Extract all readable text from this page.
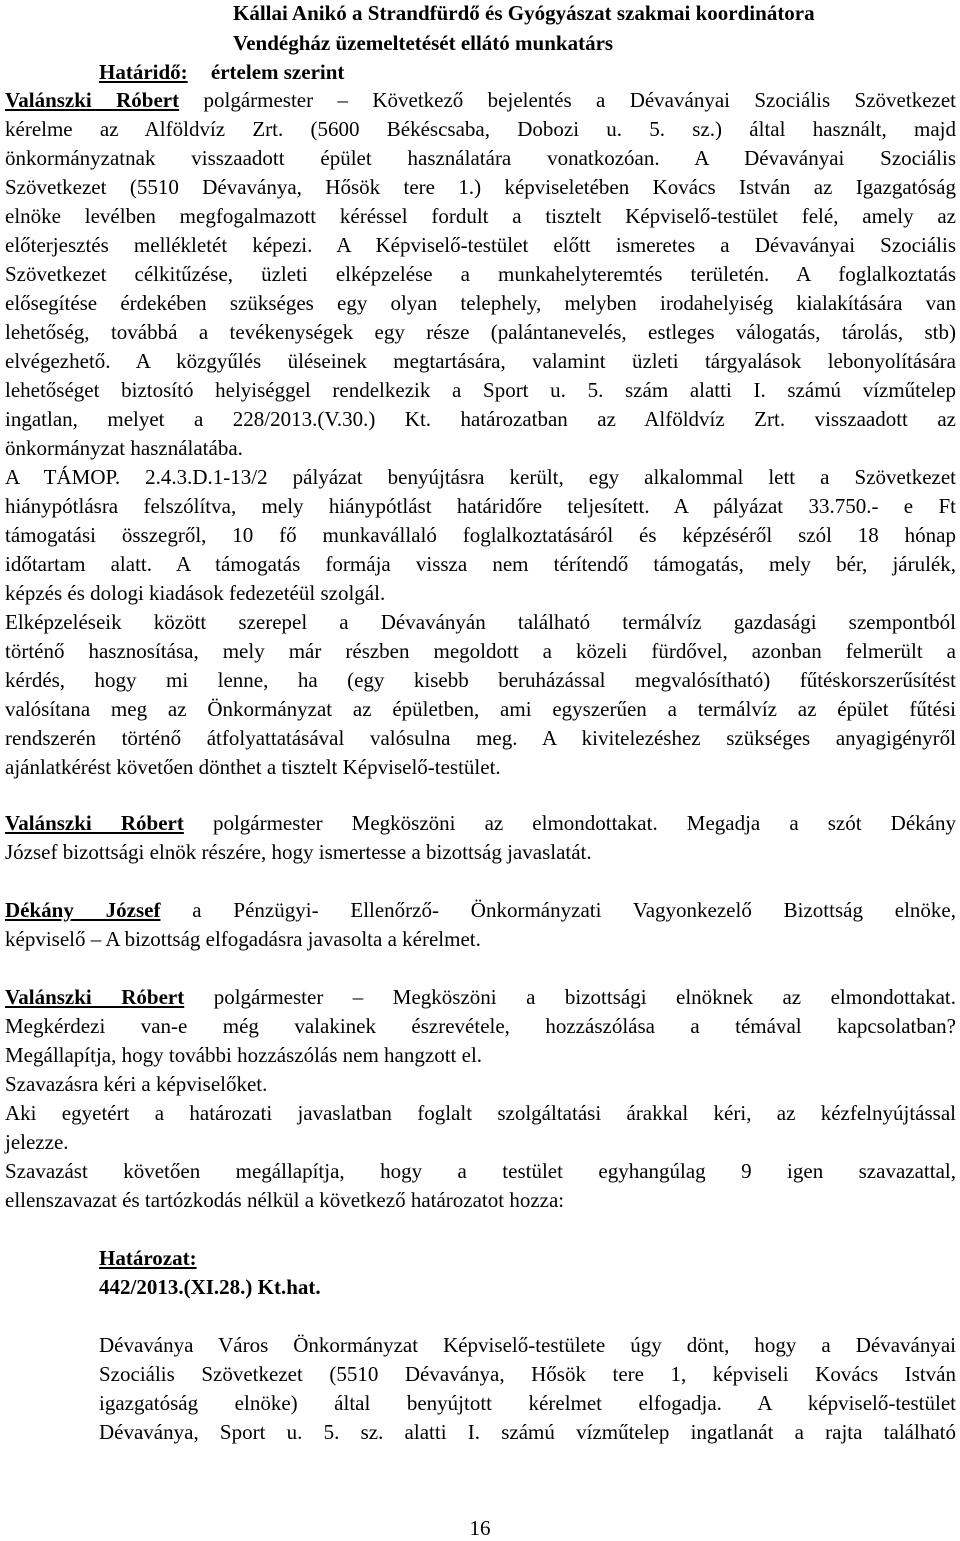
Kállai Anikó a Strandfürdő és Gyógyászat szakmai koordinátora
Vendégház üzemeltetését ellátó munkatárs
Határidő: értelem szerint
Valánszki Róbert polgármester – Következő bejelentés a Dévaványai Szociális Szövetkezet
kérelme az Alföldvíz Zrt. (5600 Békéscsaba, Dobozi u. 5. sz.) által használt, majd
önkormányzatnak visszaadott épület használatára vonatkozóan. A Dévaványai Szociális
Szövetkezet (5510 Dévaványa, Hősök tere 1.) képviseletében Kovács István az Igazgatóság
elnöke levélben megfogalmazott kéréssel fordult a tisztelt Képviselő-testület felé, amely az
előterjesztés mellékletét képezi. A Képviselő-testület előtt ismeretes a Dévaványai Szociális
Szövetkezet célkitűzése, üzleti elképzelése a munkahelyteremtés területén. A foglalkoztatás
elősegítése érdekében szükséges egy olyan telephely, melyben irodahelyiség kialakítására van
lehetőség, továbbá a tevékenységek egy része (palántanevelés, estleges válogatás, tárolás, stb)
elvégezhető. A közgyűlés üléseinek megtartására, valamint üzleti tárgyalások lebonyolítására
lehetőséget biztosító helyiséggel rendelkezik a Sport u. 5. szám alatti I. számú vízműtelep
ingatlan, melyet a 228/2013.(V.30.) Kt. határozatban az Alföldvíz Zrt. visszaadott az
önkormányzat használatába.
A TÁMOP. 2.4.3.D.1-13/2 pályázat benyújtásra került, egy alkalommal lett a Szövetkezet
hiánypótlásra felszólítva, mely hiánypótlást határidőre teljesített. A pályázat 33.750.- e Ft
támogatási összegről, 10 fő munkavállaló foglalkoztatásáról és képzéséről szól 18 hónap
időtartam alatt. A támogatás formája vissza nem térítendő támogatás, mely bér, járulék,
képzés és dologi kiadások fedezetéül szolgál.
Elképzeléseik között szerepel a Dévaványán található termálvíz gazdasági szempontból
történő hasznosítása, mely már részben megoldott a közeli fürdővel, azonban felmerült a
kérdés, hogy mi lenne, ha (egy kisebb beruházással megvalósítható) fűtéskorszerűsítést
valósítana meg az Önkormányzat az épületben, ami egyszerűen a termálvíz az épület fűtési
rendszerén történő átfolyattatásával valósulna meg. A kivitelezéshez szükséges anyagigényről
ajánlatkérést követően dönthet a tisztelt Képviselő-testület.
Valánszki Róbert polgármester Megköszöni az elmondottakat. Megadja a szót Dékány
József bizottsági elnök részére, hogy ismertesse a bizottság javaslatát.
Dékány József a Pénzügyi- Ellenőrző- Önkormányzati Vagyonkezelő Bizottság elnöke,
képviselő – A bizottság elfogadásra javasolta a kérelmet.
Valánszki Róbert polgármester – Megköszöni a bizottsági elnöknek az elmondottakat.
Megkérdezi van-e még valakinek észrevétele, hozzászólása a témával kapcsolatban?
Megállapítja, hogy további hozzászólás nem hangzott el.
Szavazásra kéri a képviselőket.
Aki egyetért a határozati javaslatban foglalt szolgáltatási árakkal kéri, az kézfelnyújtással
jelezze.
Szavazást követően megállapítja, hogy a testület egyhangúlag 9 igen szavazattal,
ellenszavazat és tartózkodás nélkül a következő határozatot hozza:
Határozat:
442/2013.(XI.28.) Kt.hat.
Dévaványa Város Önkormányzat Képviselő-testülete úgy dönt, hogy a Dévaványai
Szociális Szövetkezet (5510 Dévaványa, Hősök tere 1, képviseli Kovács István
igazgatóság elnöke) által benyújtott kérelmet elfogadja. A képviselő-testület
Dévaványa, Sport u. 5. sz. alatti I. számú vízműtelep ingatlanát a rajta található
16
